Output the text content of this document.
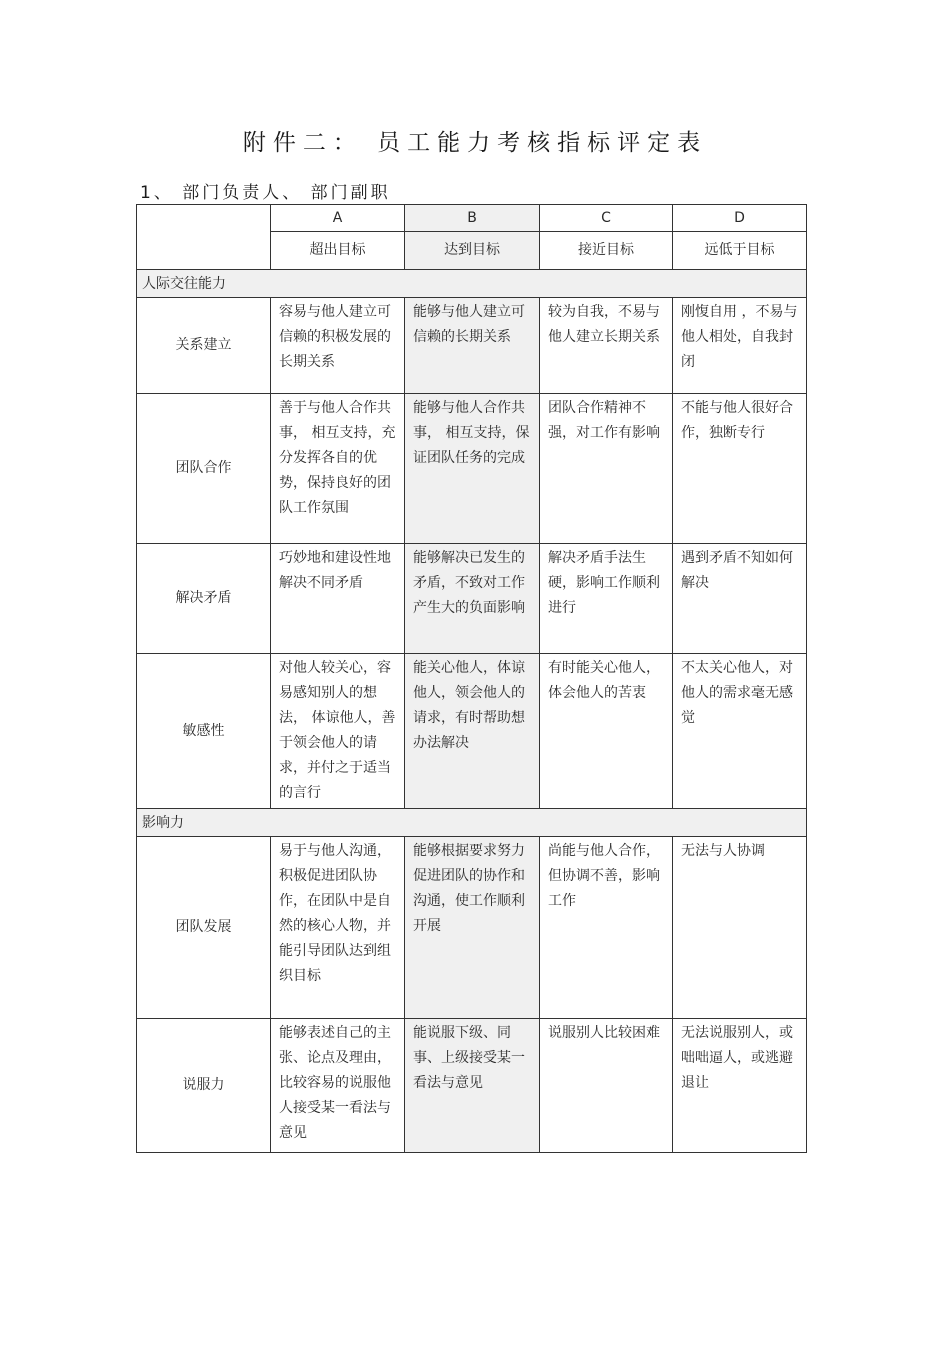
附件二： 员工能力考核指标评定表
1、 部门负责人、 部门副职
	A	B	C	D
	超出目标	达到目标	接近目标	远低于目标
人际交往能力				
关系建立	容易与他人建立可信赖的积极发展的长期关系	能够与他人建立可信赖的长期关系	较为自我，不易与他人建立长期关系	刚愎自用 ，不易与他人相处，自我封闭
团队合作	善于与他人合作共事， 相互支持，充分发挥各自的优势，保持良好的团队工作氛围	能够与他人合作共事， 相互支持，保证团队任务的完成	团队合作精神不强，对工作有影响	不能与他人很好合作，独断专行
解决矛盾	巧妙地和建设性地解决不同矛盾	能够解决已发生的矛盾，不致对工作产生大的负面影响	解决矛盾手法生硬，影响工作顺利进行	遇到矛盾不知如何解决
敏感性	对他人较关心，容易感知别人的想法， 体谅他人，善于领会他人的请求，并付之于适当的言行	能关心他人，体谅他人，领会他人的请求，有时帮助想办法解决	有时能关心他人，体会他人的苦衷	不太关心他人，对他人的需求毫无感觉
影响力				
团队发展	易于与他人沟通，积极促进团队协作，在团队中是自然的核心人物，并能引导团队达到组织目标	能够根据要求努力促进团队的协作和沟通，使工作顺利开展	尚能与他人合作， 但协调不善，影响工作	无法与人协调
说服力	能够表述自己的主张、论点及理由，比较容易的说服他人接受某一看法与意见	能说服下级、同事、上级接受某一看法与意见	说服别人比较困难	无法说服别人，或咄咄逼人，或逃避退让
